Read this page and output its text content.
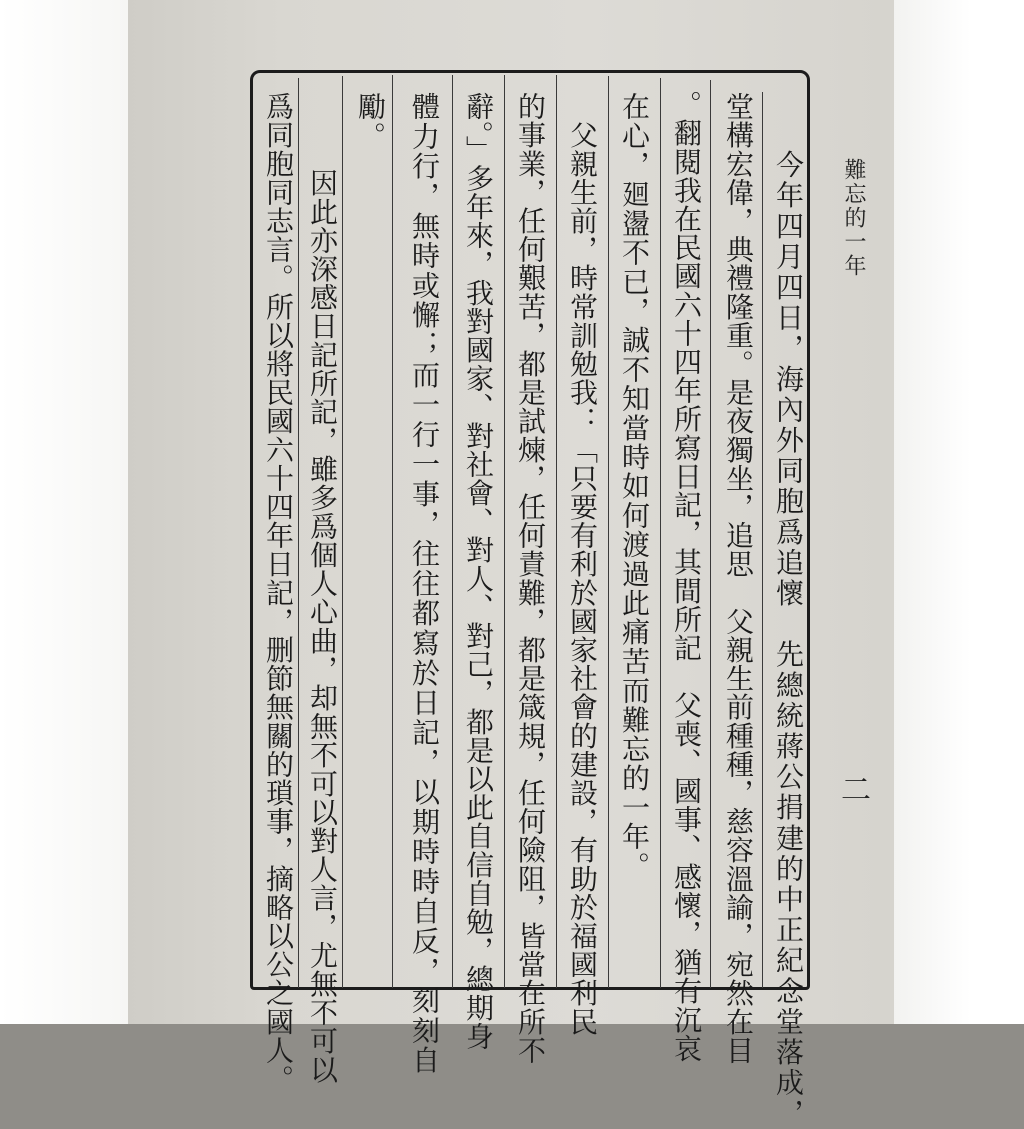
難忘的一年
二
今年四月四日，海內外同胞爲追懷　先總統蔣公捐建的中正紀念堂落成，
堂構宏偉，典禮隆重。是夜獨坐，追思　父親生前種種，慈容溫諭，宛然在目
。翻閱我在民國六十四年所寫日記，其間所記　父喪、國事、感懷，猶有沉哀
在心，廻盪不已，誠不知當時如何渡過此痛苦而難忘的一年。
　父親生前，時常訓勉我：「只要有利於國家社會的建設，有助於福國利民
的事業，任何艱苦，都是試煉，任何責難，都是箴規，任何險阻，皆當在所不
辭。」多年來，我對國家、對社會、對人、對己，都是以此自信自勉，總期身
體力行，無時或懈；而一行一事，往往都寫於日記，以期時時自反，刻刻自
勵。
　因此亦深感日記所記，雖多爲個人心曲，却無不可以對人言，尤無不可以
爲同胞同志言。所以將民國六十四年日記，删節無關的瑣事，摘略以公之國人。
